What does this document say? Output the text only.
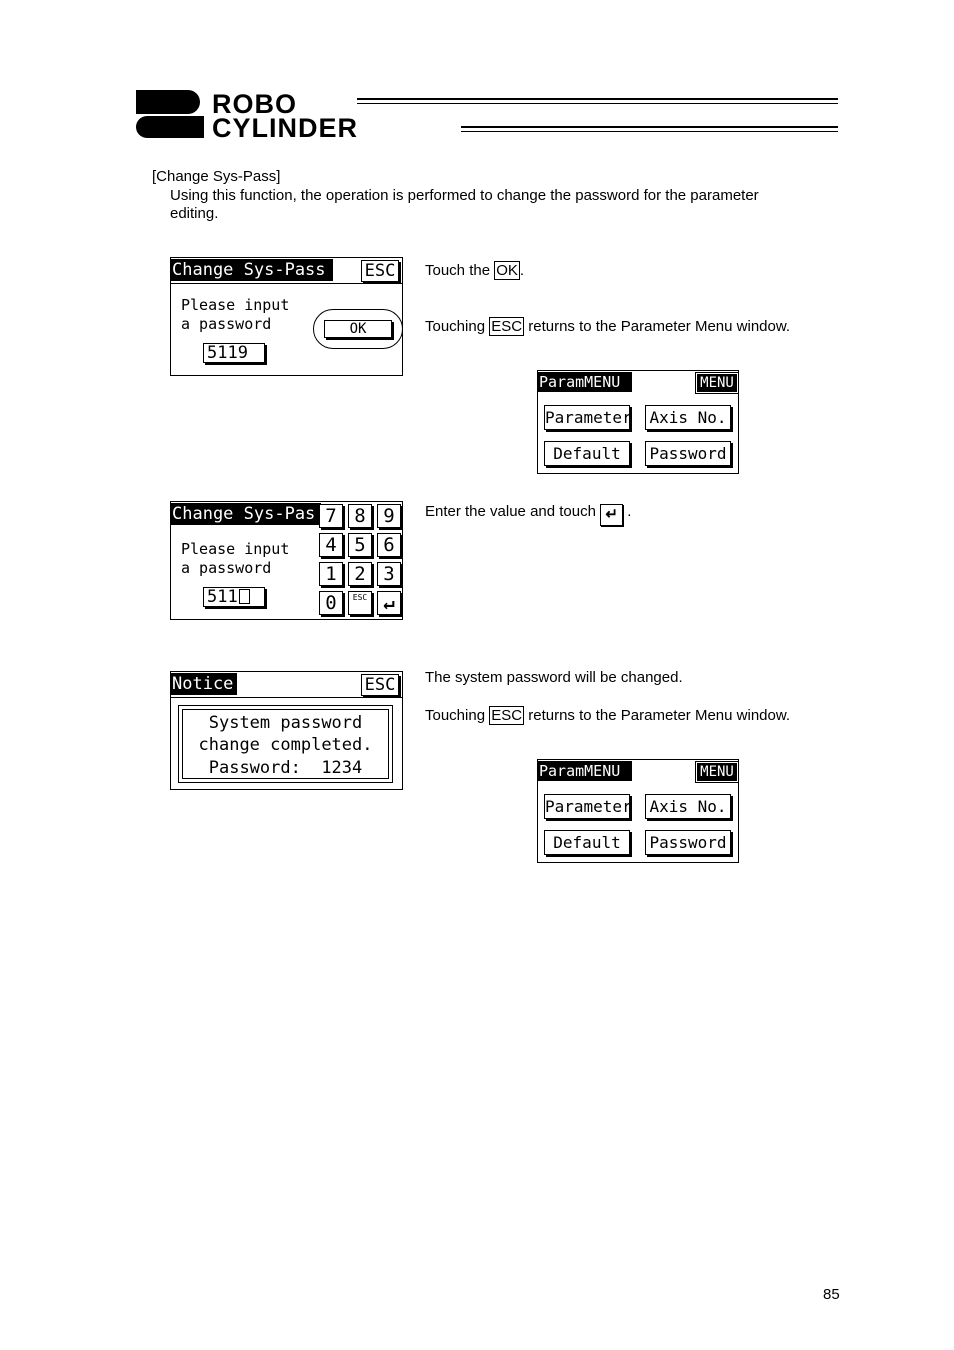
ROBO
CYLINDER
[Change Sys-Pass]
Using this function, the operation is performed to change the password for the parameter
editing.
Change Sys-Pass	ESC
Please input
a password
5119
OK
Touch the OK .
Touching ESC returns to the Parameter Menu window.
ParamMENU	MENU
Parameter Axis No.
Default	Password
Change Sys-Pas
Please input
a password
511
7 8 9
4 5 6
1 2 3
0	ESC ↵
Enter the value and touch ↵ .
Notice	ESC
System password
change completed.
Password:  1234
The system password will be changed.
Touching ESC returns to the Parameter Menu window.
ParamMENU	MENU
Parameter Axis No.
Default	Password
85
